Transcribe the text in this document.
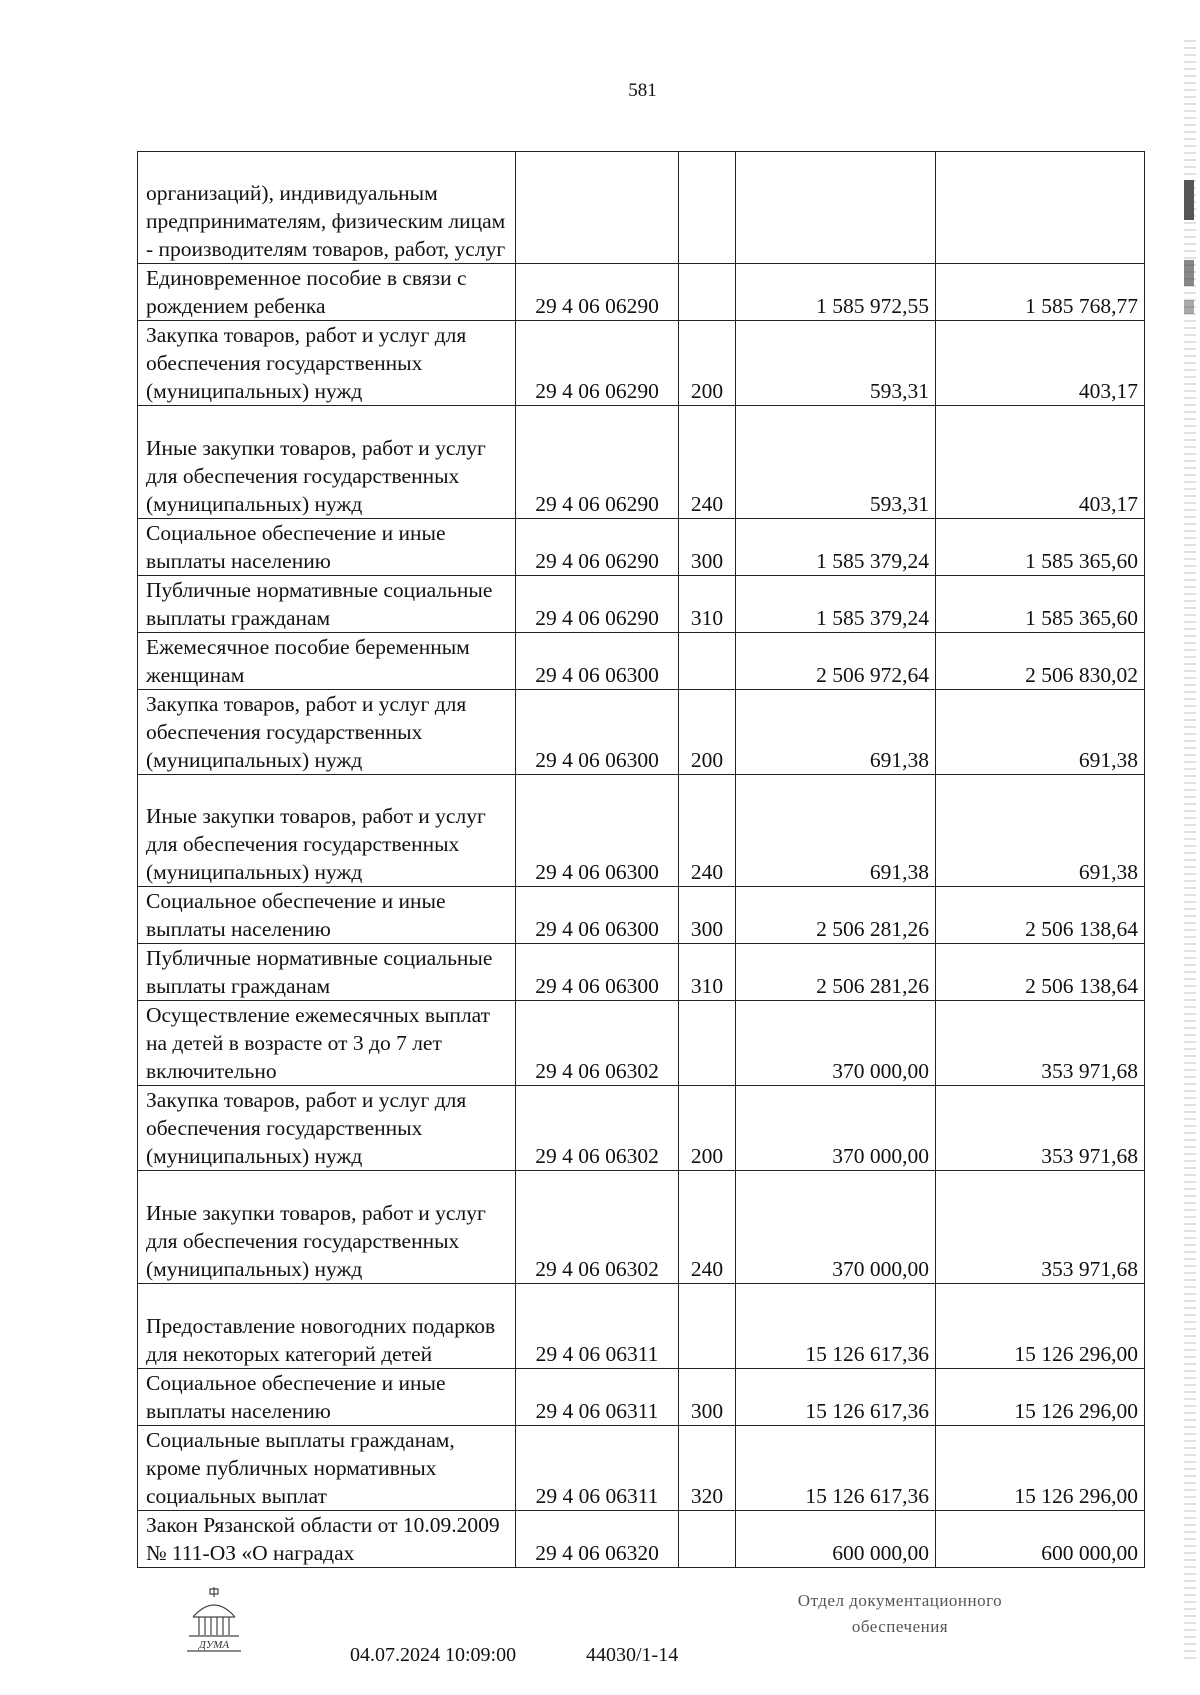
581
организаций), индивидуальным предпринимателям, физическим лицам - производителям товаров, работ, услуг				
Единовременное пособие в связи с рождением ребенка	29 4 06 06290		1 585 972,55	1 585 768,77
Закупка товаров, работ и услуг для обеспечения государственных (муниципальных) нужд	29 4 06 06290	200	593,31	403,17
Иные закупки товаров, работ и услуг для обеспечения государственных (муниципальных) нужд	29 4 06 06290	240	593,31	403,17
Социальное обеспечение и иные выплаты населению	29 4 06 06290	300	1 585 379,24	1 585 365,60
Публичные нормативные социальные выплаты гражданам	29 4 06 06290	310	1 585 379,24	1 585 365,60
Ежемесячное пособие беременным женщинам	29 4 06 06300		2 506 972,64	2 506 830,02
Закупка товаров, работ и услуг для обеспечения государственных (муниципальных) нужд	29 4 06 06300	200	691,38	691,38
Иные закупки товаров, работ и услуг для обеспечения государственных (муниципальных) нужд	29 4 06 06300	240	691,38	691,38
Социальное обеспечение и иные выплаты населению	29 4 06 06300	300	2 506 281,26	2 506 138,64
Публичные нормативные социальные выплаты гражданам	29 4 06 06300	310	2 506 281,26	2 506 138,64
Осуществление ежемесячных выплат на детей в возрасте от 3 до 7 лет включительно	29 4 06 06302		370 000,00	353 971,68
Закупка товаров, работ и услуг для обеспечения государственных (муниципальных) нужд	29 4 06 06302	200	370 000,00	353 971,68
Иные закупки товаров, работ и услуг для обеспечения государственных (муниципальных) нужд	29 4 06 06302	240	370 000,00	353 971,68
Предоставление новогодних подарков для некоторых категорий детей	29 4 06 06311		15 126 617,36	15 126 296,00
Социальное обеспечение и иные выплаты населению	29 4 06 06311	300	15 126 617,36	15 126 296,00
Социальные выплаты гражданам, кроме публичных нормативных социальных выплат	29 4 06 06311	320	15 126 617,36	15 126 296,00
Закон Рязанской области от 10.09.2009 № 111-ОЗ «О наградах	29 4 06 06320		600 000,00	600 000,00
ДУМА	04.07.2024 10:09:00	44030/1-14
Отдел документационного
обеспечения
